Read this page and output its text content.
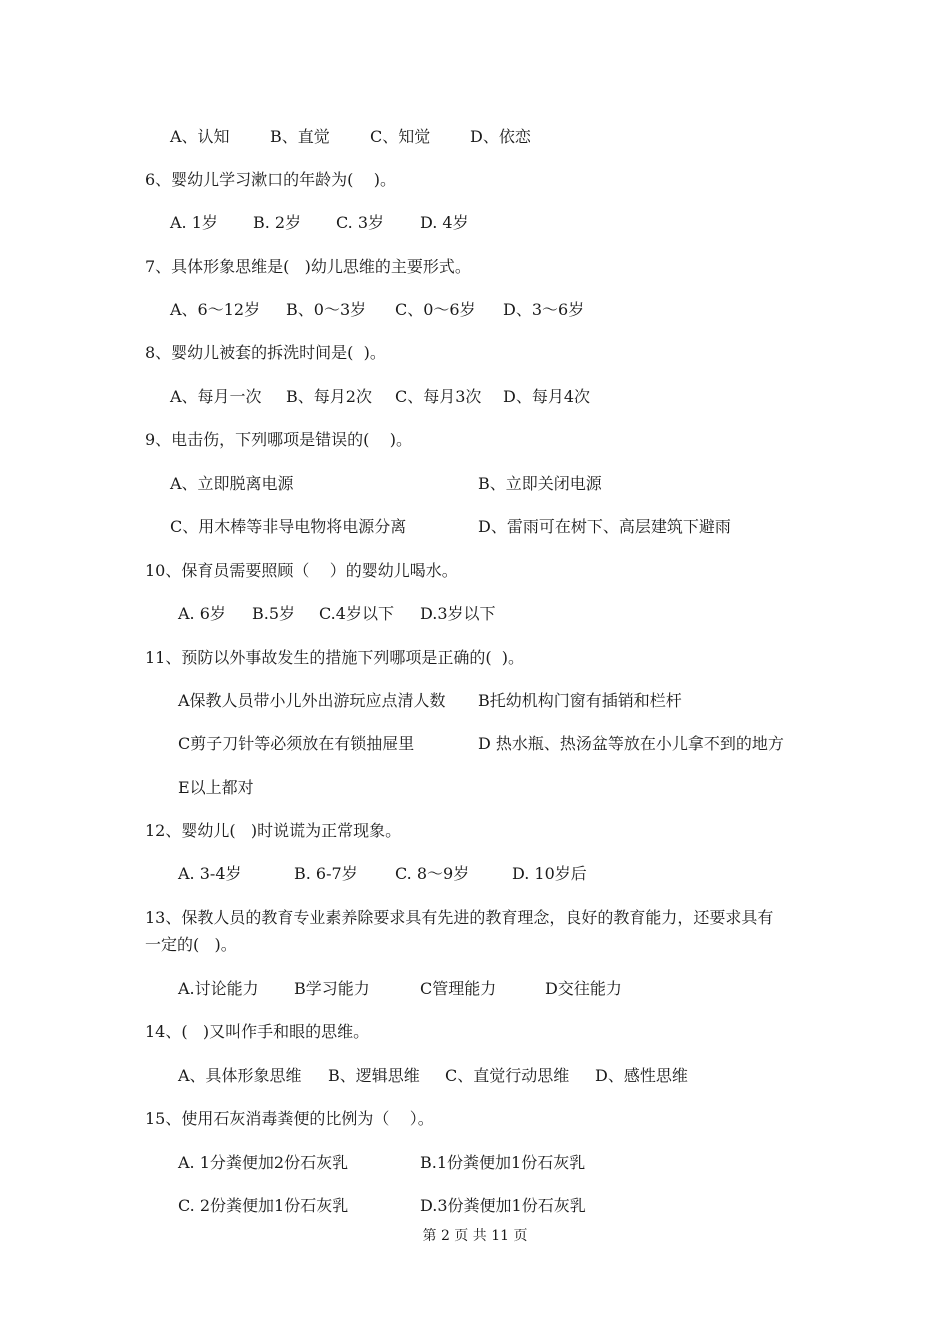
A、认知	B、直觉	C、知觉 D、依恋
6、婴幼儿学习漱口的年龄为(    )。
A. 1岁 B. 2岁 C. 3岁 D. 4岁
7、具体形象思维是(   )幼儿思维的主要形式。
A、6～12岁 B、0～3岁 C、0～6岁 D、3～6岁
8、婴幼儿被套的拆洗时间是(  )。
A、每月一次 B、每月2次 C、每月3次 D、每月4次
9、电击伤，下列哪项是错误的(    )。
A、立即脱离电源	B、立即关闭电源
C、用木棒等非导电物将电源分离	D、雷雨可在树下、高层建筑下避雨
10、保育员需要照顾（    ）的婴幼儿喝水。
A. 6岁 B.5岁 C.4岁以下 D.3岁以下
11、预防以外事故发生的措施下列哪项是正确的(  )。
A保教人员带小儿外出游玩应点清人数 B托幼机构门窗有插销和栏杆
C剪子刀针等必须放在有锁抽屉里	D 热水瓶、热汤盆等放在小儿拿不到的地方
E以上都对
12、婴幼儿(   )时说谎为正常现象。
A. 3-4岁	B. 6-7岁 C. 8～9岁	D. 10岁后
13、保教人员的教育专业素养除要求具有先进的教育理念，良好的教育能力，还要求具有
一定的(   )。
A.讨论能力 B学习能力	C管理能力	D交往能力
14、(   )又叫作手和眼的思维。
A、具体形象思维 B、逻辑思维 C、直觉行动思维 D、感性思维
15、使用石灰消毒粪便的比例为（    ）。
A. 1分粪便加2份石灰乳	B.1份粪便加1份石灰乳
C. 2份粪便加1份石灰乳	D.3份粪便加1份石灰乳
第 2 页 共 11 页
